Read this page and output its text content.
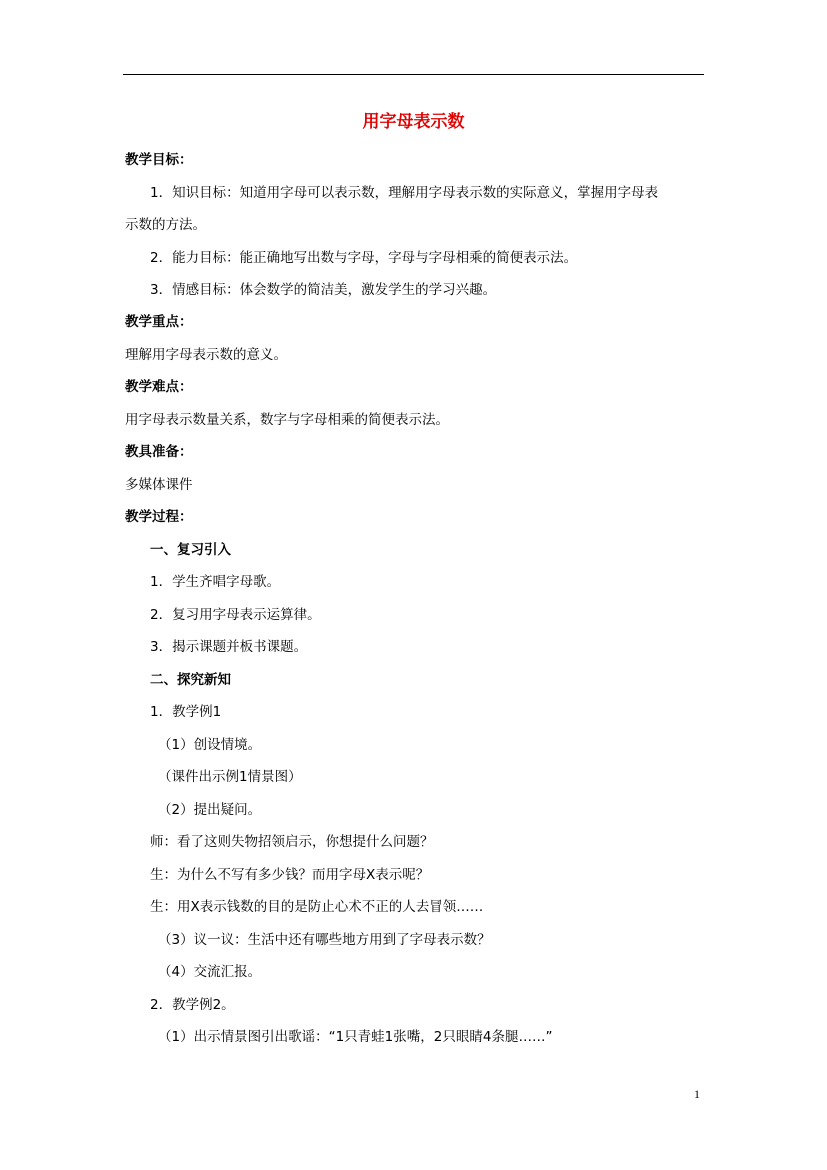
用字母表示数
教学目标：
1．知识目标：知道用字母可以表示数，理解用字母表示数的实际意义，掌握用字母表
示数的方法。
2．能力目标：能正确地写出数与字母，字母与字母相乘的简便表示法。
3．情感目标：体会数学的简洁美，激发学生的学习兴趣。
教学重点：
理解用字母表示数的意义。
教学难点：
用字母表示数量关系，数字与字母相乘的简便表示法。
教具准备：
多媒体课件
教学过程：
一、复习引入
1．学生齐唱字母歌。
2．复习用字母表示运算律。
3．揭示课题并板书课题。
二、探究新知
1．教学例1
（1）创设情境。
（课件出示例1情景图）
（2）提出疑问。
师：看了这则失物招领启示，你想提什么问题？
生：为什么不写有多少钱？而用字母X表示呢？
生：用X表示钱数的目的是防止心术不正的人去冒领……
（3）议一议：生活中还有哪些地方用到了字母表示数？
（4）交流汇报。
2．教学例2。
（1）出示情景图引出歌谣：“1只青蛙1张嘴，2只眼睛4条腿……”
1
